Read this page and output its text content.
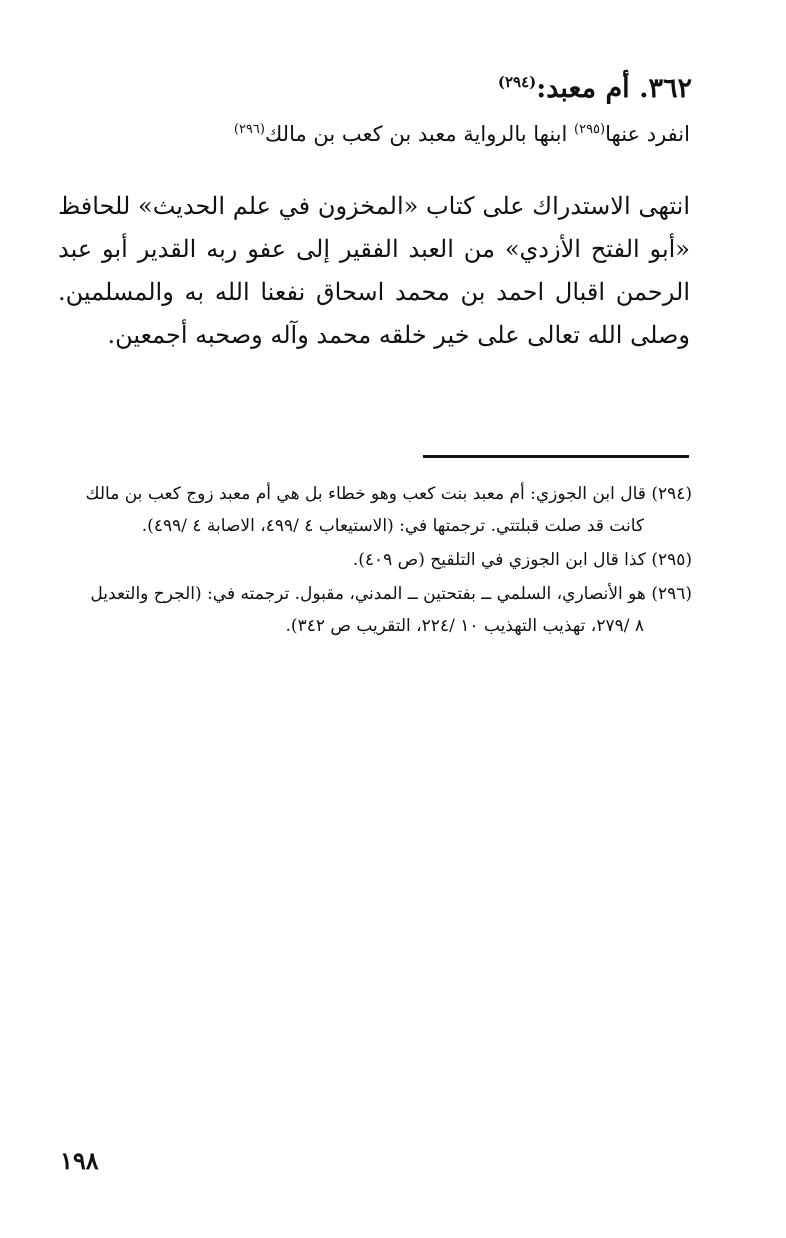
٣٦٢. أم معبد:$^{(٢٩٤)}$
انفرد عنها$^{(٢٩٥)}$ ابنها بالرواية معبد بن كعب بن مالك$^{(٢٩٦)}$
انتهى الاستدراك على كتاب «المخزون في علم الحديث» للحافظ «أبو الفتح الأزدي» من العبد الفقير إلى عفو ربه القدير أبو عبد الرحمن اقبال احمد بن محمد اسحاق نفعنا الله به والمسلمين. وصلى الله تعالى على خير خلقه محمد وآله وصحبه أجمعين.
(٢٩٤) قال ابن الجوزي: أم معبد بنت كعب وهو خطاء بل هي أم معبد زوج كعب بن مالك
كانت قد صلت قبلتتي. ترجمتها في: (الاستيعاب ٤ /٤٩٩، الاصابة ٤ /٤٩٩).
(٢٩٥) كذا قال ابن الجوزي في التلقيح (ص ٤٠٩).
(٢٩٦) هو الأنصاري، السلمي ــ بفتحتين ــ المدني، مقبول. ترجمته في: (الجرح والتعديل
٨ /٢٧٩، تهذيب التهذيب ١٠ /٢٢٤، التقريب ص ٣٤٢).
١٩٨
